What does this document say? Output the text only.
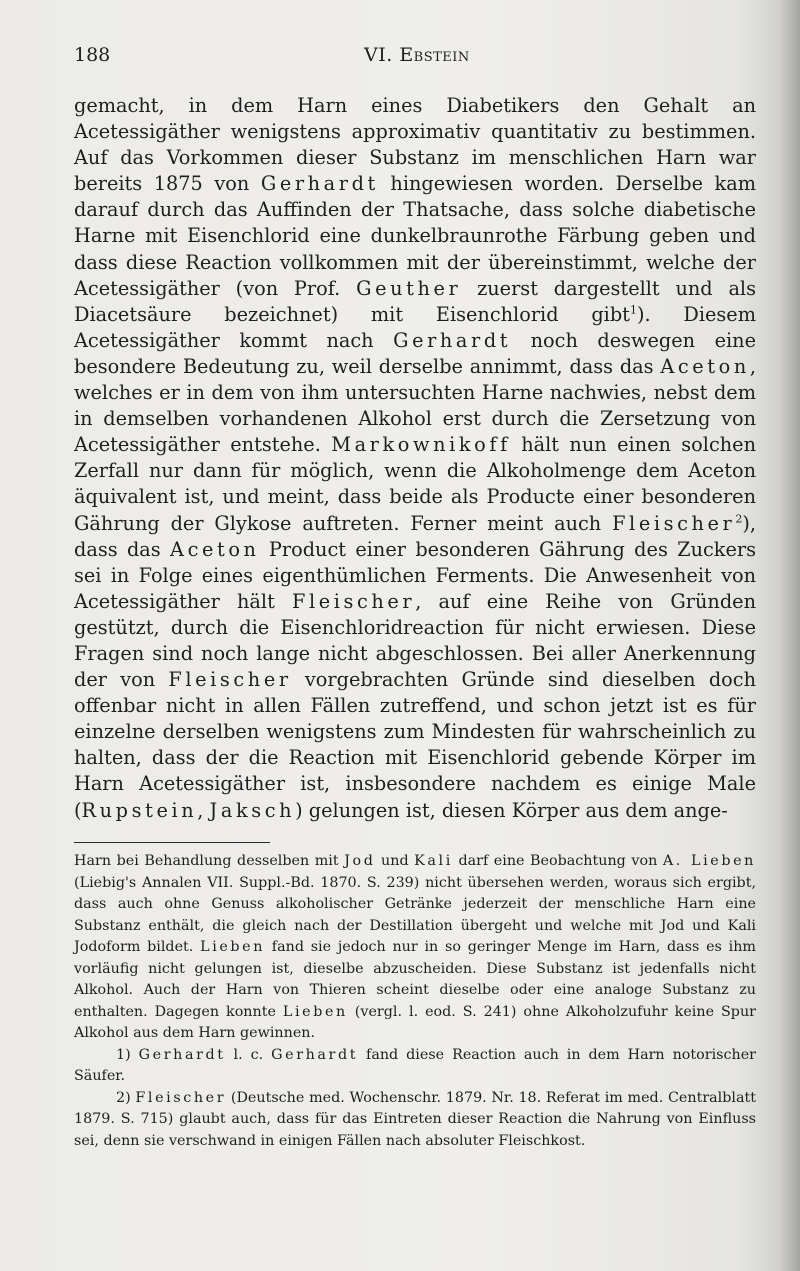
188	VI. Ebstein

gemacht, in dem Harn eines Diabetikers den Gehalt an Acetessigäther wenigstens approximativ quantitativ zu bestimmen. Auf das Vorkommen dieser Substanz im menschlichen Harn war bereits 1875 von Gerhardt hingewiesen worden. Derselbe kam darauf durch das Auffinden der Thatsache, dass solche diabetische Harne mit Eisenchlorid eine dunkelbraunrothe Färbung geben und dass diese Reaction vollkommen mit der übereinstimmt, welche der Acetessigäther (von Prof. Geuther zuerst dargestellt und als Diacetsäure bezeichnet) mit Eisenchlorid gibt$^1$). Diesem Acetessigäther kommt nach Gerhardt noch deswegen eine besondere Bedeutung zu, weil derselbe annimmt, dass das Aceton, welches er in dem von ihm untersuchten Harne nachwies, nebst dem in demselben vorhandenen Alkohol erst durch die Zersetzung von Acetessigäther entstehe. Markownikoff hält nun einen solchen Zerfall nur dann für möglich, wenn die Alkoholmenge dem Aceton äquivalent ist, und meint, dass beide als Producte einer besonderen Gährung der Glykose auftreten. Ferner meint auch Fleischer$^2$), dass das Aceton Product einer besonderen Gährung des Zuckers sei in Folge eines eigenthümlichen Ferments. Die Anwesenheit von Acetessigäther hält Fleischer, auf eine Reihe von Gründen gestützt, durch die Eisenchloridreaction für nicht erwiesen. Diese Fragen sind noch lange nicht abgeschlossen. Bei aller Anerkennung der von Fleischer vorgebrachten Gründe sind dieselben doch offenbar nicht in allen Fällen zutreffend, und schon jetzt ist es für einzelne derselben wenigstens zum Mindesten für wahrscheinlich zu halten, dass der die Reaction mit Eisenchlorid gebende Körper im Harn Acetessigäther ist, insbesondere nachdem es einige Male (Rupstein, Jaksch) gelungen ist, diesen Körper aus dem ange-

Harn bei Behandlung desselben mit Jod und Kali darf eine Beobachtung von A. Lieben (Liebig's Annalen VII. Suppl.-Bd. 1870. S. 239) nicht übersehen werden, woraus sich ergibt, dass auch ohne Genuss alkoholischer Getränke jederzeit der menschliche Harn eine Substanz enthält, die gleich nach der Destillation übergeht und welche mit Jod und Kali Jodoform bildet. Lieben fand sie jedoch nur in so geringer Menge im Harn, dass es ihm vorläufig nicht gelungen ist, dieselbe abzuscheiden. Diese Substanz ist jedenfalls nicht Alkohol. Auch der Harn von Thieren scheint dieselbe oder eine analoge Substanz zu enthalten. Dagegen konnte Lieben (vergl. l. eod. S. 241) ohne Alkoholzufuhr keine Spur Alkohol aus dem Harn gewinnen.

1) Gerhardt l. c. Gerhardt fand diese Reaction auch in dem Harn notorischer Säufer.

2) Fleischer (Deutsche med. Wochenschr. 1879. Nr. 18. Referat im med. Centralblatt 1879. S. 715) glaubt auch, dass für das Eintreten dieser Reaction die Nahrung von Einfluss sei, denn sie verschwand in einigen Fällen nach absoluter Fleischkost.
